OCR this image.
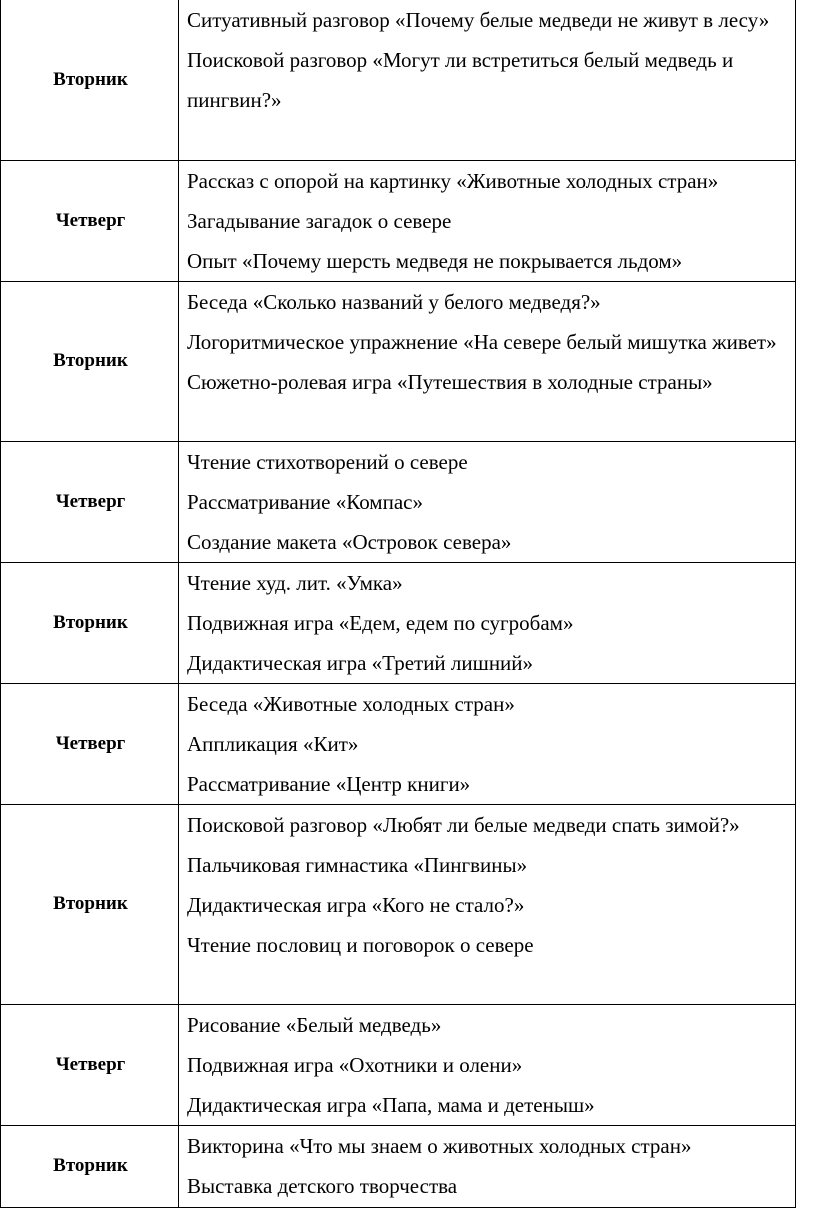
Вторник	Ситуативный разговор «Почему белые медведи не живут в лесу»
Поисковой разговор «Могут ли встретиться белый медведь и пингвин?»

Четверг	Рассказ с опорой на картинку «Животные холодных стран»
Загадывание загадок о севере
Опыт «Почему шерсть медведя не покрывается льдом»

Вторник	Беседа «Сколько названий у белого медведя?»
Логоритмическое упражнение «На севере белый мишутка живет»
Сюжетно-ролевая игра «Путешествия в холодные страны»

Четверг	Чтение стихотворений о севере
Рассматривание «Компас»
Создание макета «Островок севера»

Вторник	Чтение худ. лит. «Умка»
Подвижная игра «Едем, едем по сугробам»
Дидактическая игра «Третий лишний»

Четверг	Беседа «Животные холодных стран»
Аппликация «Кит»
Рассматривание «Центр книги»

Вторник	Поисковой разговор «Любят ли белые медведи спать зимой?»
Пальчиковая гимнастика «Пингвины»
Дидактическая игра «Кого не стало?»
Чтение пословиц и поговорок о севере

Четверг	Рисование «Белый медведь»
Подвижная игра «Охотники и олени»
Дидактическая игра «Папа, мама и детеныш»

Вторник	Викторина «Что мы знаем о животных холодных стран»
Выставка детского творчества
